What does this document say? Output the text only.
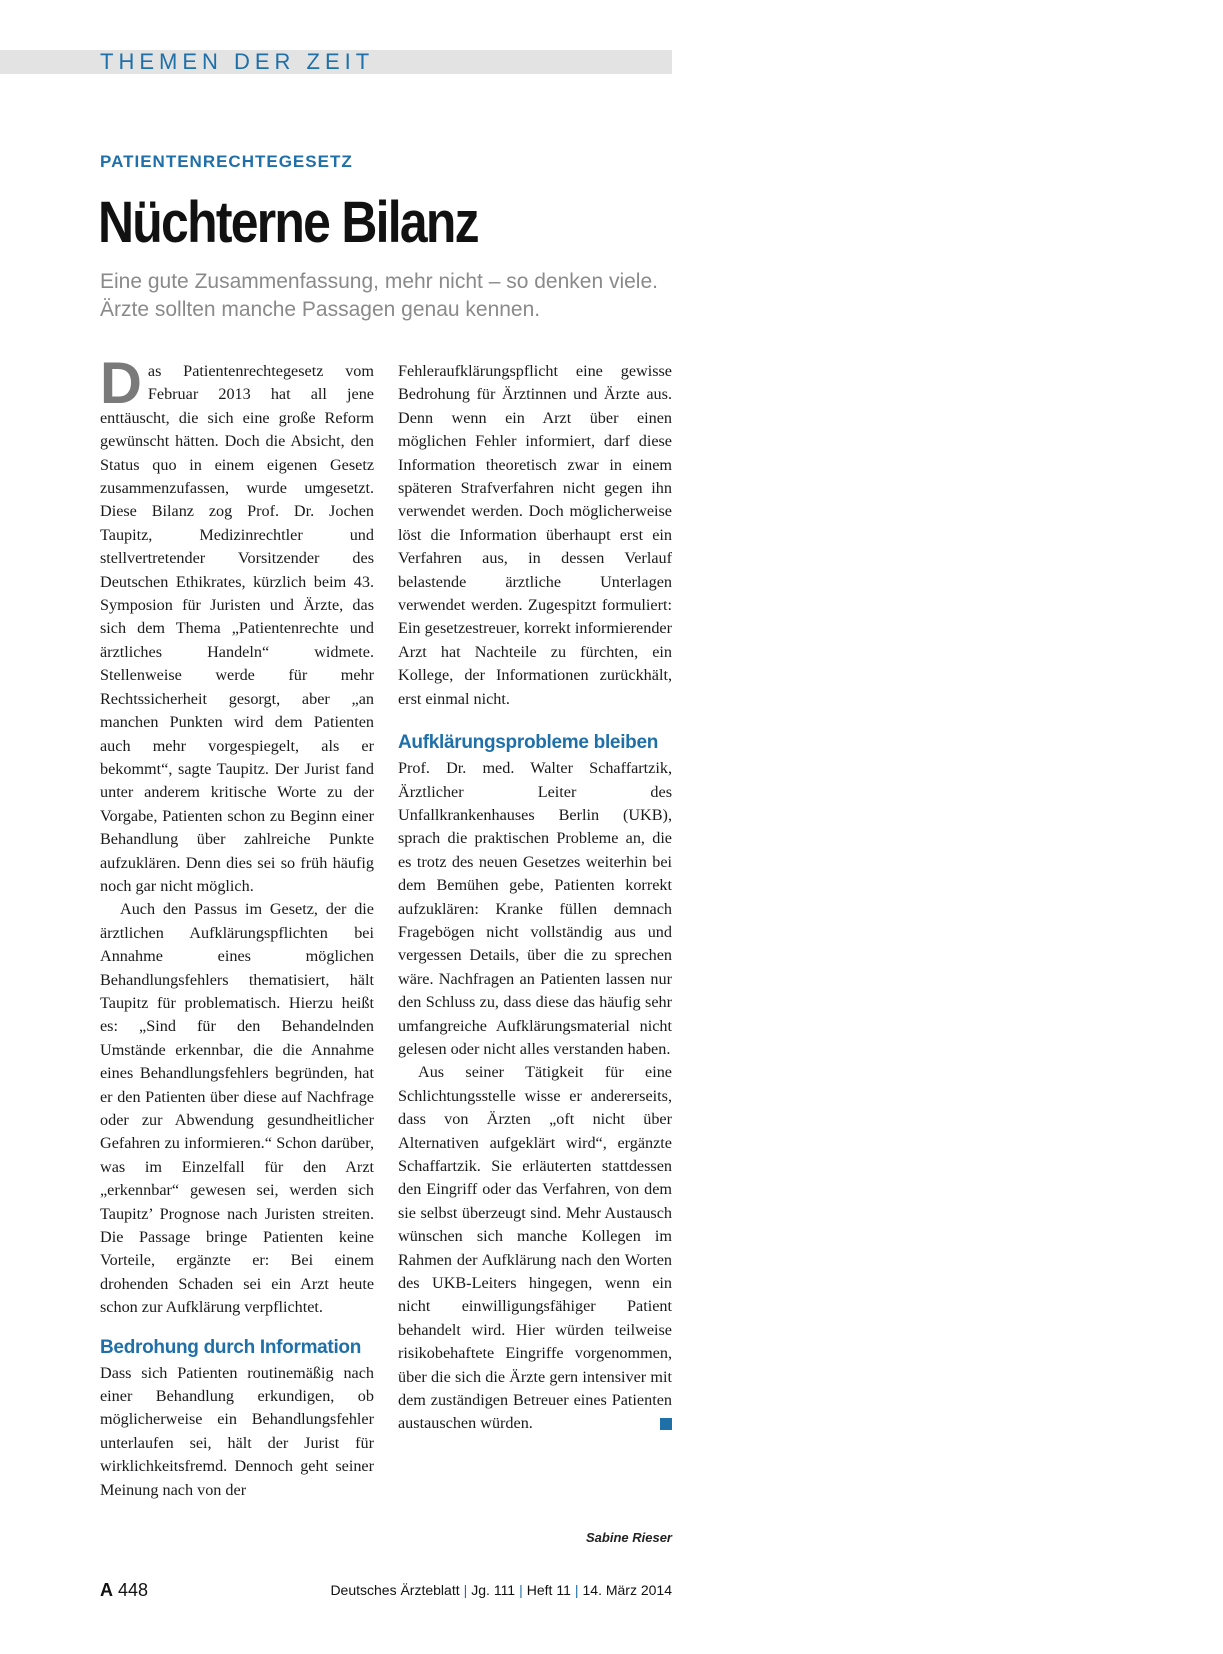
THEMEN DER ZEIT
PATIENTENRECHTEGESETZ
Nüchterne Bilanz
Eine gute Zusammenfassung, mehr nicht – so denken viele. Ärzte sollten manche Passagen genau kennen.

Das Patientenrechtegesetz vom Februar 2013 hat all jene enttäuscht, die sich eine große Reform gewünscht hätten. Doch die Absicht, den Status quo in einem eigenen Gesetz zusammenzufassen, wurde umgesetzt. Diese Bilanz zog Prof. Dr. Jochen Taupitz, Medizinrechtler und stellvertretender Vorsitzender des Deutschen Ethikrates, kürzlich beim 43. Symposion für Juristen und Ärzte, das sich dem Thema „Patientenrechte und ärztliches Handeln“ widmete. Stellenweise werde für mehr Rechtssicherheit gesorgt, aber „an manchen Punkten wird dem Patienten auch mehr vorgespiegelt, als er bekommt“, sagte Taupitz. Der Jurist fand unter anderem kritische Worte zu der Vorgabe, Patienten schon zu Beginn einer Behandlung über zahlreiche Punkte aufzuklären. Denn dies sei so früh häufig noch gar nicht möglich.

Auch den Passus im Gesetz, der die ärztlichen Aufklärungspflichten bei Annahme eines möglichen Behandlungsfehlers thematisiert, hält Taupitz für problematisch. Hierzu heißt es: „Sind für den Behandelnden Umstände erkennbar, die die Annahme eines Behandlungsfehlers begründen, hat er den Patienten über diese auf Nachfrage oder zur Abwendung gesundheitlicher Gefahren zu informieren.“ Schon darüber, was im Einzelfall für den Arzt „erkennbar“ gewesen sei, werden sich Taupitz’ Prognose nach Juristen streiten. Die Passage bringe Patienten keine Vorteile, ergänzte er: Bei einem drohenden Schaden sei ein Arzt heute schon zur Aufklärung verpflichtet.

Bedrohung durch Information

Dass sich Patienten routinemäßig nach einer Behandlung erkundigen, ob möglicherweise ein Behandlungsfehler unterlaufen sei, hält der Jurist für wirklichkeitsfremd. Dennoch geht seiner Meinung nach von der

Fehleraufklärungspflicht eine gewisse Bedrohung für Ärztinnen und Ärzte aus. Denn wenn ein Arzt über einen möglichen Fehler informiert, darf diese Information theoretisch zwar in einem späteren Strafverfahren nicht gegen ihn verwendet werden. Doch möglicherweise löst die Information überhaupt erst ein Verfahren aus, in dessen Verlauf belastende ärztliche Unterlagen verwendet werden. Zugespitzt formuliert: Ein gesetzestreuer, korrekt informierender Arzt hat Nachteile zu fürchten, ein Kollege, der Informationen zurückhält, erst einmal nicht.

Aufklärungsprobleme bleiben

Prof. Dr. med. Walter Schaffartzik, Ärztlicher Leiter des Unfallkrankenhauses Berlin (UKB), sprach die praktischen Probleme an, die es trotz des neuen Gesetzes weiterhin bei dem Bemühen gebe, Patienten korrekt aufzuklären: Kranke füllen demnach Fragebögen nicht vollständig aus und vergessen Details, über die zu sprechen wäre. Nachfragen an Patienten lassen nur den Schluss zu, dass diese das häufig sehr umfangreiche Aufklärungsmaterial nicht gelesen oder nicht alles verstanden haben.

Aus seiner Tätigkeit für eine Schlichtungsstelle wisse er andererseits, dass von Ärzten „oft nicht über Alternativen aufgeklärt wird“, ergänzte Schaffartzik. Sie erläuterten stattdessen den Eingriff oder das Verfahren, von dem sie selbst überzeugt sind. Mehr Austausch wünschen sich manche Kollegen im Rahmen der Aufklärung nach den Worten des UKB-Leiters hingegen, wenn ein nicht einwilligungsfähiger Patient behandelt wird. Hier würden teilweise risikobehaftete Eingriffe vorgenommen, über die sich die Ärzte gern intensiver mit dem zuständigen Betreuer eines Patienten austauschen würden.

Sabine Rieser
A 448	Deutsches Ärzteblatt | Jg. 111 | Heft 11 | 14. März 2014
